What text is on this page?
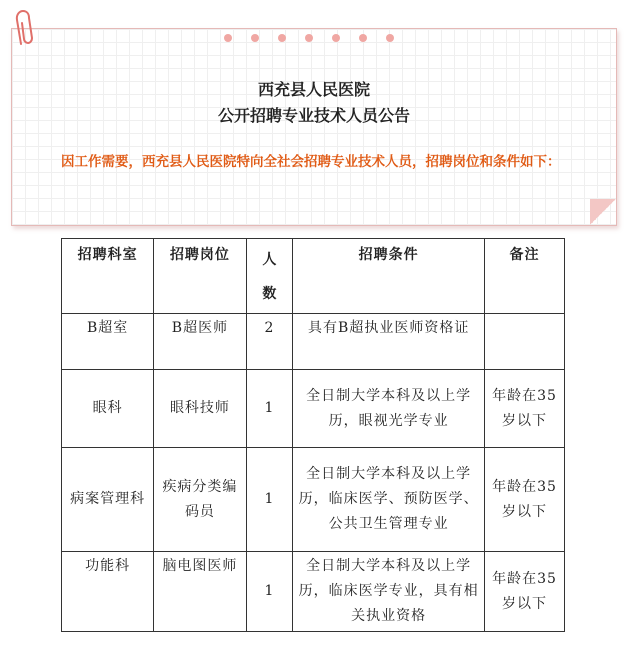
西充县人民医院
公开招聘专业技术人员公告
因工作需要，西充县人民医院特向全社会招聘专业技术人员，招聘岗位和条件如下：
招聘科室	招聘岗位	人数	招聘条件	备注
B超室	B超医师	2	具有B超执业医师资格证	
眼科	眼科技师	1	全日制大学本科及以上学历，眼视光学专业	年龄在35岁以下
病案管理科	疾病分类编码员	1	全日制大学本科及以上学历，临床医学、预防医学、公共卫生管理专业	年龄在35岁以下
功能科	脑电图医师	1	全日制大学本科及以上学历，临床医学专业，具有相关执业资格	年龄在35岁以下
